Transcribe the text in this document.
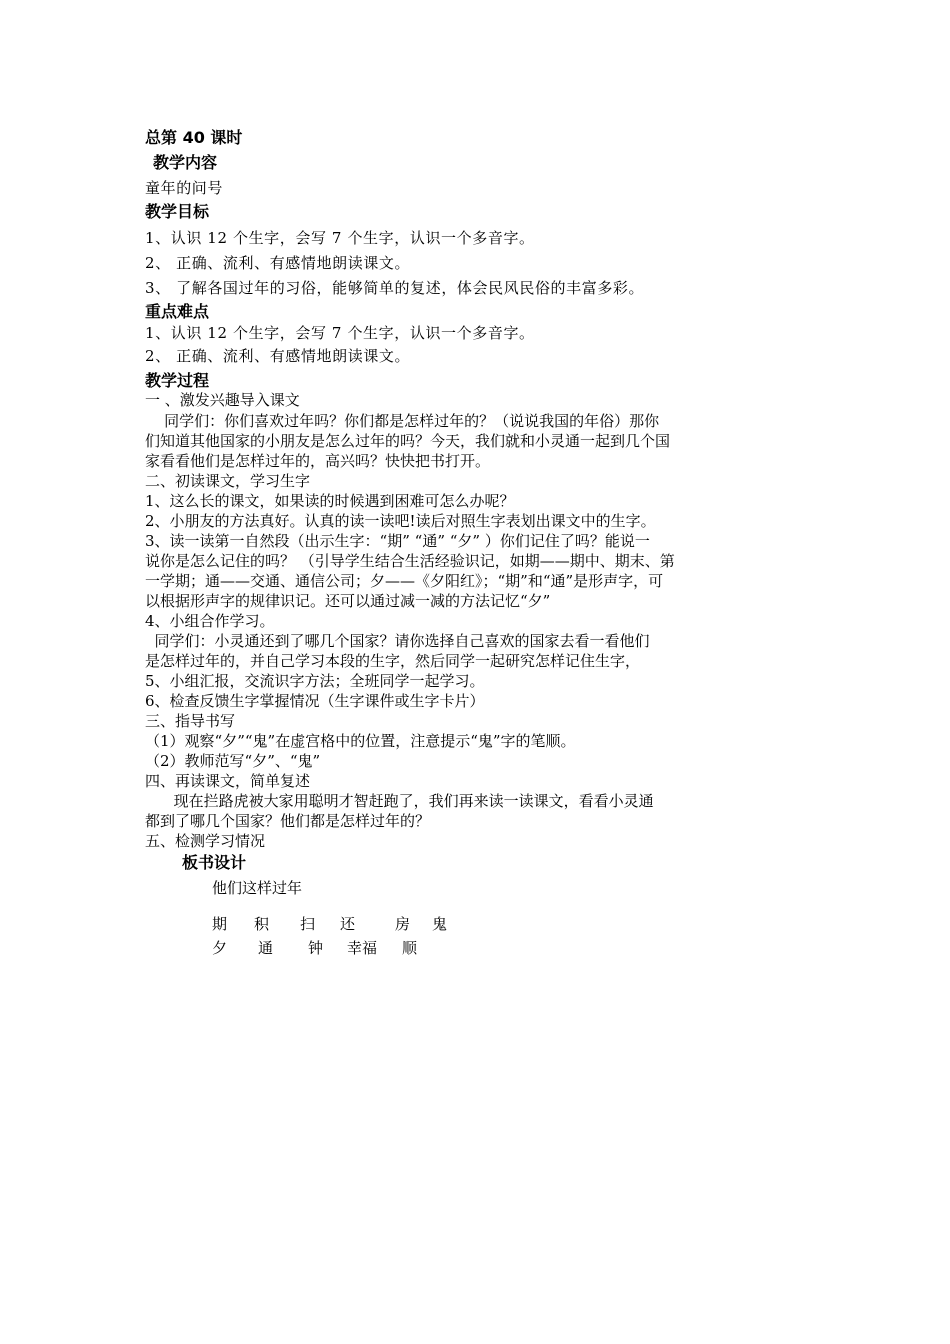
总第 40 课时
教学内容
童年的问号
教学目标
1、认识 12 个生字，会写 7 个生字，认识一个多音字。
2、 正确、流利、有感情地朗读课文。
3、 了解各国过年的习俗，能够简单的复述，体会民风民俗的丰富多彩。
重点难点
1、认识 12 个生字，会写 7 个生字，认识一个多音字。
2、 正确、流利、有感情地朗读课文。
教学过程
一 、激发兴趣导入课文
同学们：你们喜欢过年吗？你们都是怎样过年的？（说说我国的年俗）那你
们知道其他国家的小朋友是怎么过年的吗？今天，我们就和小灵通一起到几个国
家看看他们是怎样过年的，高兴吗？快快把书打开。
二、初读课文，学习生字
1、这么长的课文，如果读的时候遇到困难可怎么办呢？
2、小朋友的方法真好。认真的读一读吧!读后对照生字表划出课文中的生字。
3、读一读第一自然段（出示生字：“期” “通” “夕” ）你们记住了吗？能说一
说你是怎么记住的吗？ （引导学生结合生活经验识记，如期——期中、期末、第
一学期；通——交通、通信公司；夕——《夕阳红》；“期”和“通”是形声字，可
以根据形声字的规律识记。还可以通过减一减的方法记忆“夕”
4、小组合作学习。
同学们：小灵通还到了哪几个国家？请你选择自己喜欢的国家去看一看他们
是怎样过年的，并自己学习本段的生字，然后同学一起研究怎样记住生字，
5、小组汇报，交流识字方法；全班同学一起学习。
6、检查反馈生字掌握情况（生字课件或生字卡片）
三、指导书写
（1）观察“夕”“鬼”在虚宫格中的位置，注意提示“鬼”字的笔顺。
（2）教师范写“夕”、“鬼”
四、再读课文，简单复述
现在拦路虎被大家用聪明才智赶跑了，我们再来读一读课文，看看小灵通
都到了哪几个国家？他们都是怎样过年的？
五、检测学习情况
板书设计
他们这样过年
期 积 扫 还	房 鬼
夕 通 钟 幸福 顺
